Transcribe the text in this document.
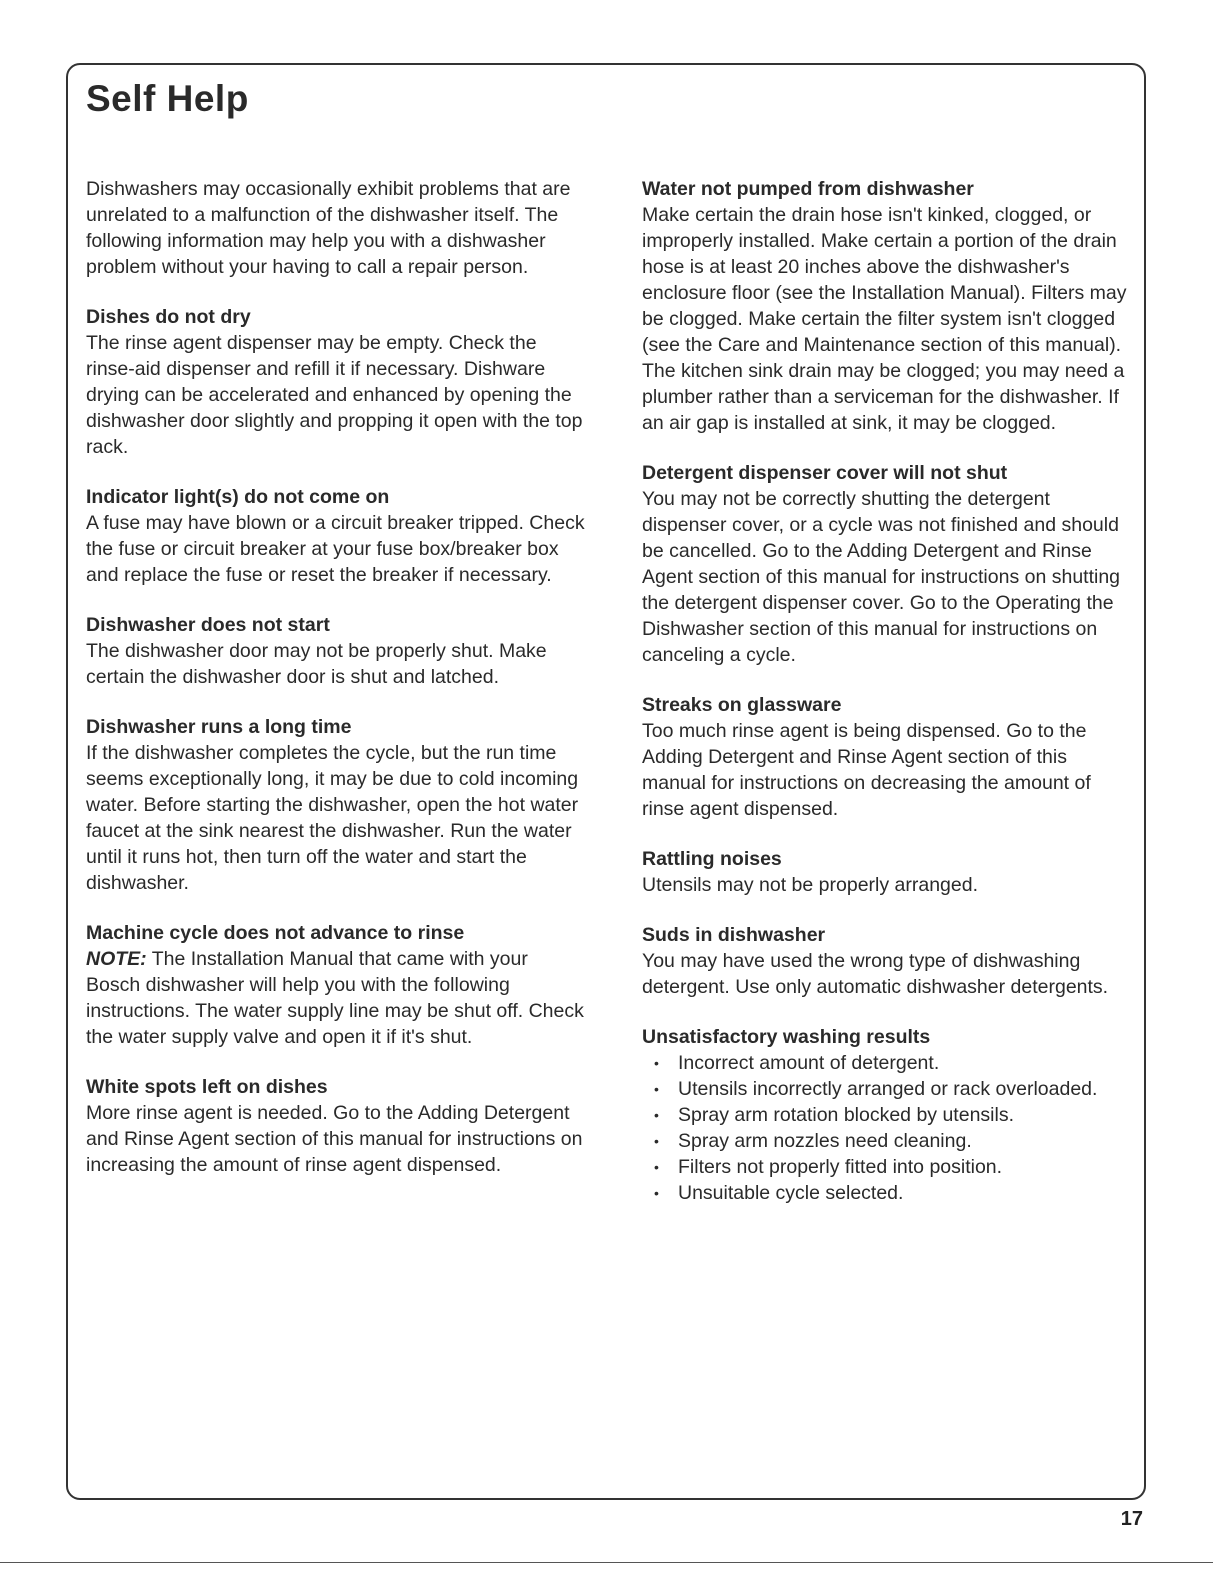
Self Help

Dishwashers may occasionally exhibit problems that are unrelated to a malfunction of the dishwasher itself. The following information may help you with a dishwasher problem without your having to call a repair person.

Dishes do not dry

The rinse agent dispenser may be empty. Check the rinse-aid dispenser and refill it if necessary. Dishware drying can be accelerated and enhanced by opening the dishwasher door slightly and propping it open with the top rack.

Indicator light(s) do not come on

A fuse may have blown or a circuit breaker tripped. Check the fuse or circuit breaker at your fuse box/breaker box and replace the fuse or reset the breaker if necessary.

Dishwasher does not start

The dishwasher door may not be properly shut. Make certain the dishwasher door is shut and latched.

Dishwasher runs a long time

If the dishwasher completes the cycle, but the run time seems exceptionally long, it may be due to cold incoming water. Before starting the dishwasher, open the hot water faucet at the sink nearest the dishwasher. Run the water until it runs hot, then turn off the water and start the dishwasher.

Machine cycle does not advance to rinse

NOTE: The Installation Manual that came with your Bosch dishwasher will help you with the following instructions. The water supply line may be shut off. Check the water supply valve and open it if it's shut.

White spots left on dishes

More rinse agent is needed. Go to the Adding Detergent and Rinse Agent section of this manual for instructions on increasing the amount of rinse agent dispensed.

Water not pumped from dishwasher

Make certain the drain hose isn't kinked, clogged, or improperly installed. Make certain a portion of the drain hose is at least 20 inches above the dishwasher's enclosure floor (see the Installation Manual). Filters may be clogged. Make certain the filter system isn't clogged (see the Care and Maintenance section of this manual). The kitchen sink drain may be clogged; you may need a plumber rather than a serviceman for the dishwasher. If an air gap is installed at sink, it may be clogged.

Detergent dispenser cover will not shut

You may not be correctly shutting the detergent dispenser cover, or a cycle was not finished and should be cancelled. Go to the Adding Detergent and Rinse Agent section of this manual for instructions on shutting the detergent dispenser cover. Go to the Operating the Dishwasher section of this manual for instructions on canceling a cycle.

Streaks on glassware

Too much rinse agent is being dispensed. Go to the Adding Detergent and Rinse Agent section of this manual for instructions on decreasing the amount of rinse agent dispensed.

Rattling noises

Utensils may not be properly arranged.

Suds in dishwasher

You may have used the wrong type of dishwashing detergent. Use only automatic dishwasher detergents.

Unsatisfactory washing results
• Incorrect amount of detergent.
• Utensils incorrectly arranged or rack overloaded.
• Spray arm rotation blocked by utensils.
• Spray arm nozzles need cleaning.
• Filters not properly fitted into position.
• Unsuitable cycle selected.
17
